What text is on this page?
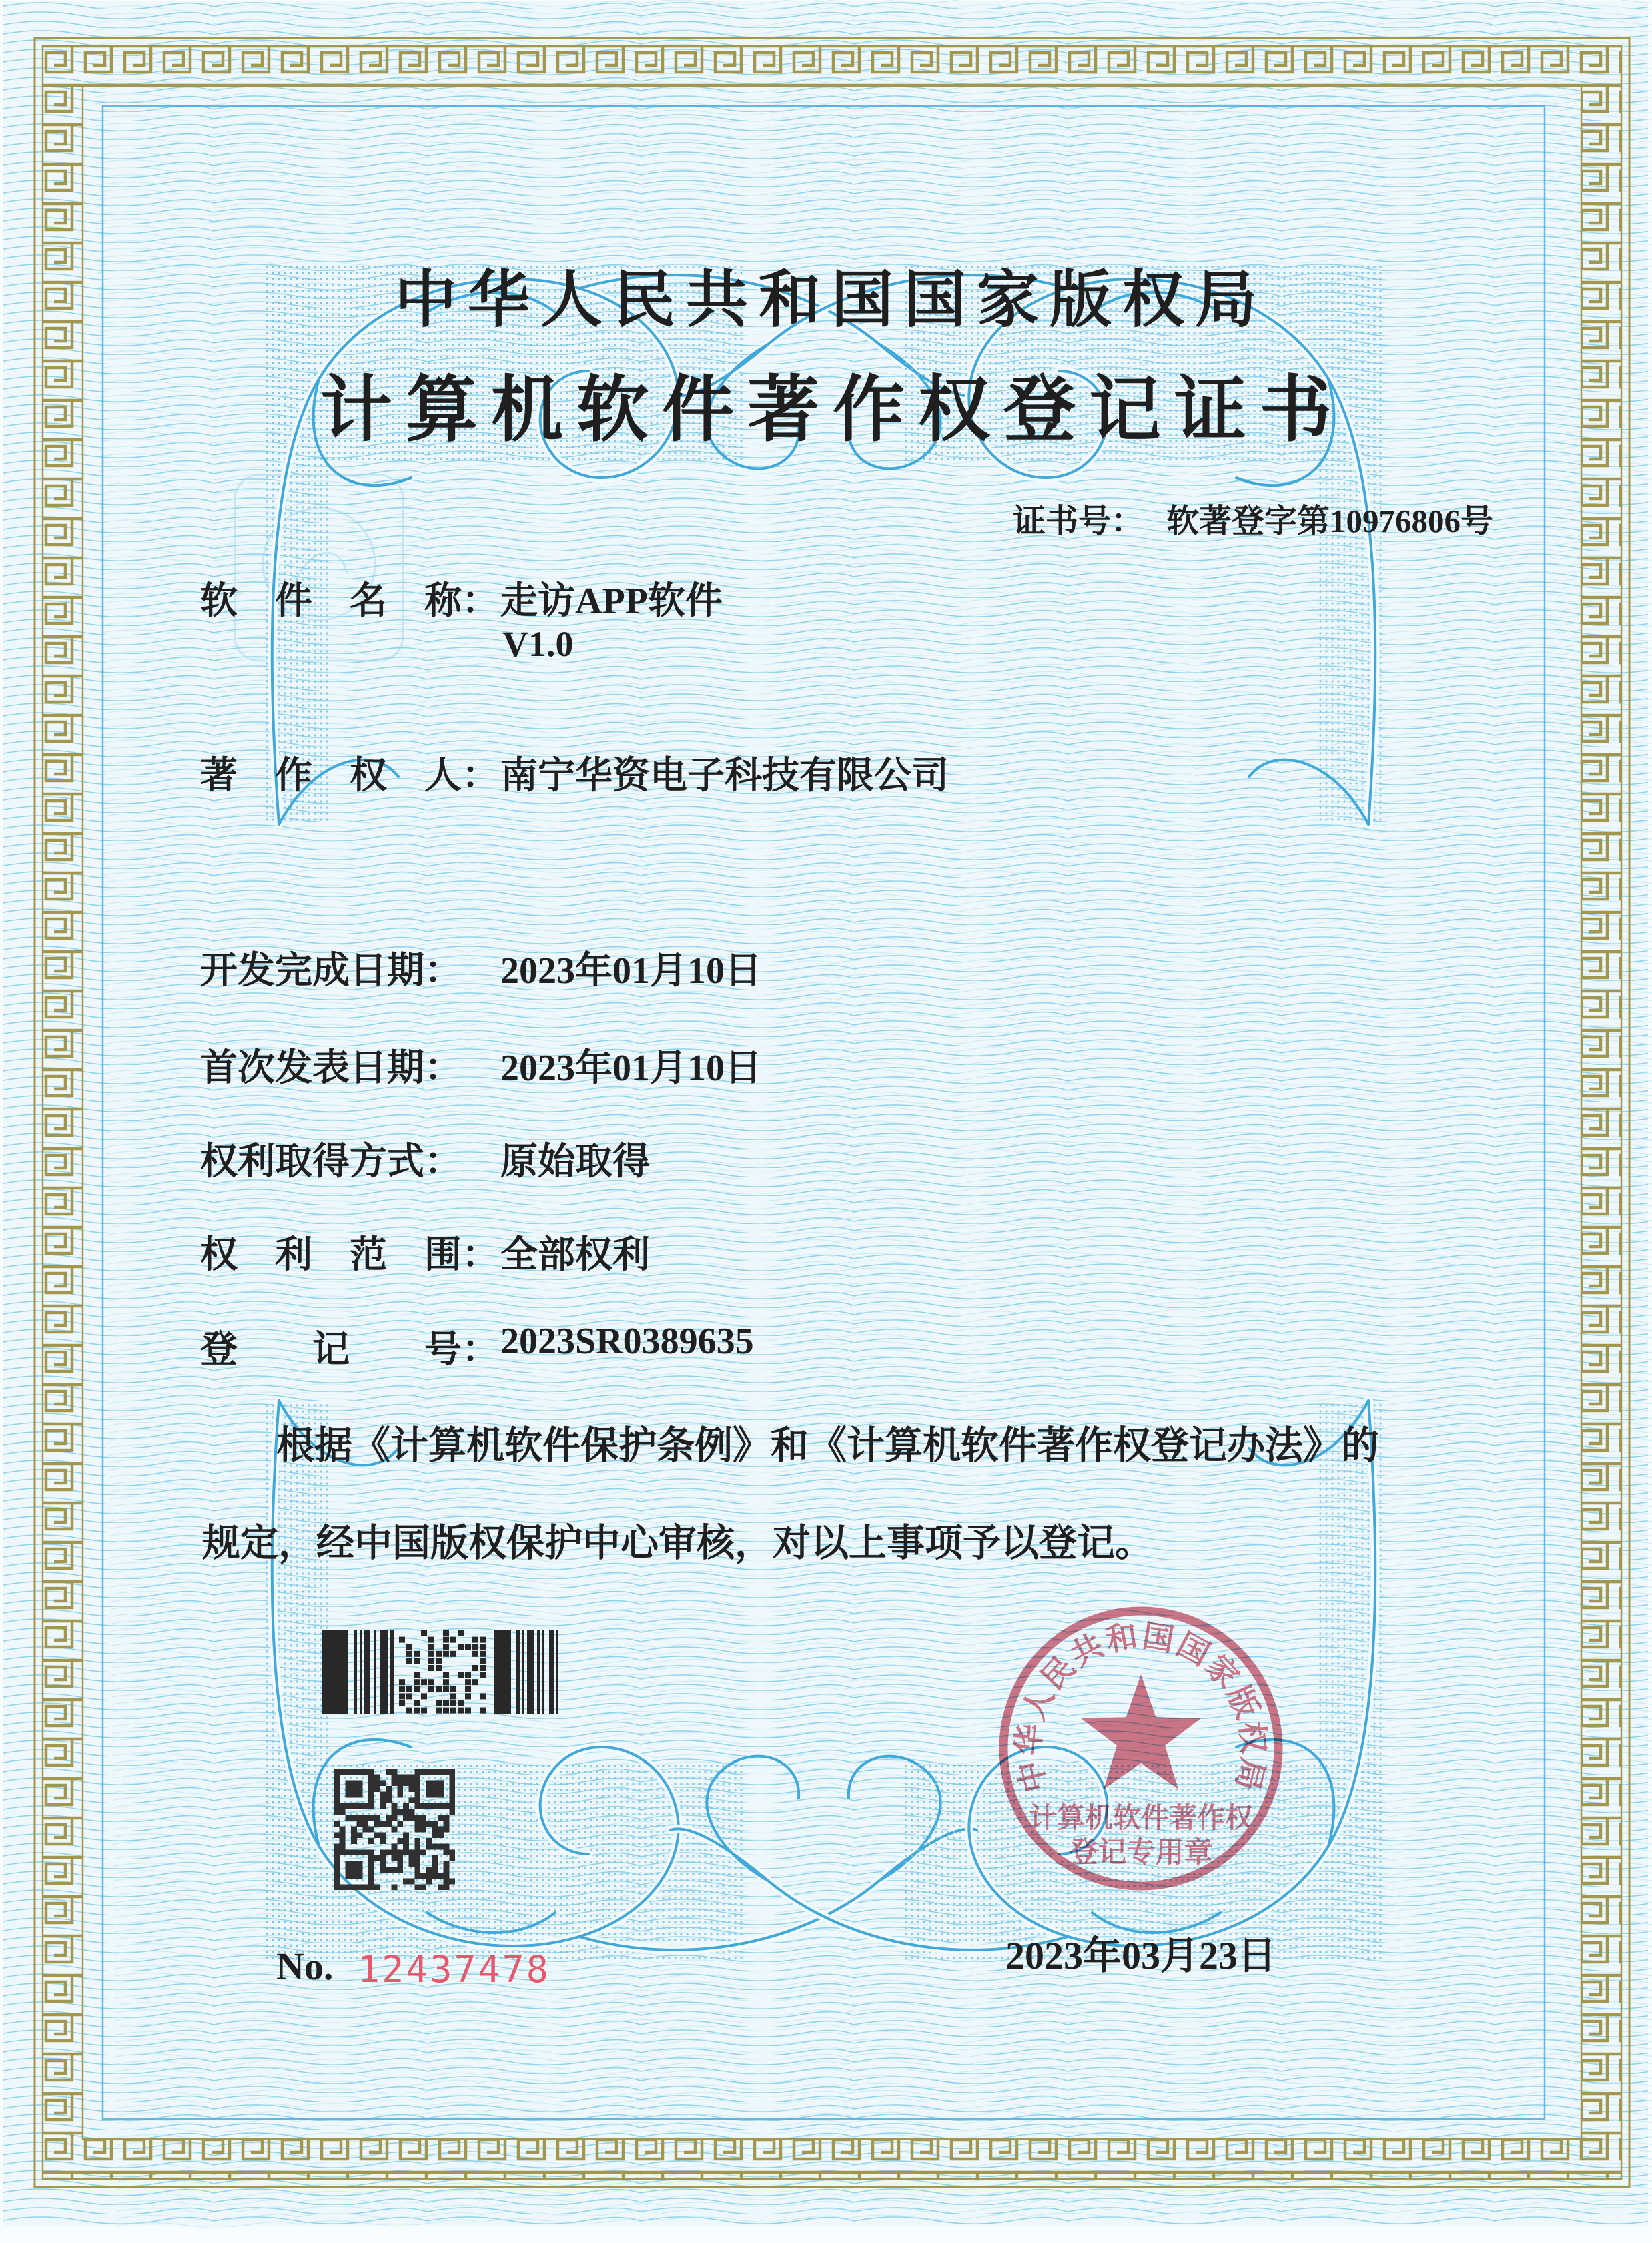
中华人民共和国国家版权局
计算机软件著作权登记证书
证书号： 软著登字第10976806号
软　件　名　称： 走访APP软件
V1.0
著　作　权　人： 南宁华资电子科技有限公司
开发完成日期： 2023年01月10日
首次发表日期： 2023年01月10日
权利取得方式： 原始取得
权　利　范　围： 全部权利
登　　记　　号： 2023SR0389635
根据《计算机软件保护条例》和《计算机软件著作权登记办法》的
规定，经中国版权保护中心审核，对以上事项予以登记。
中华人民共和国国家版权局
计算机软件著作权
登记专用章
No. 12437478	2023年03月23日
